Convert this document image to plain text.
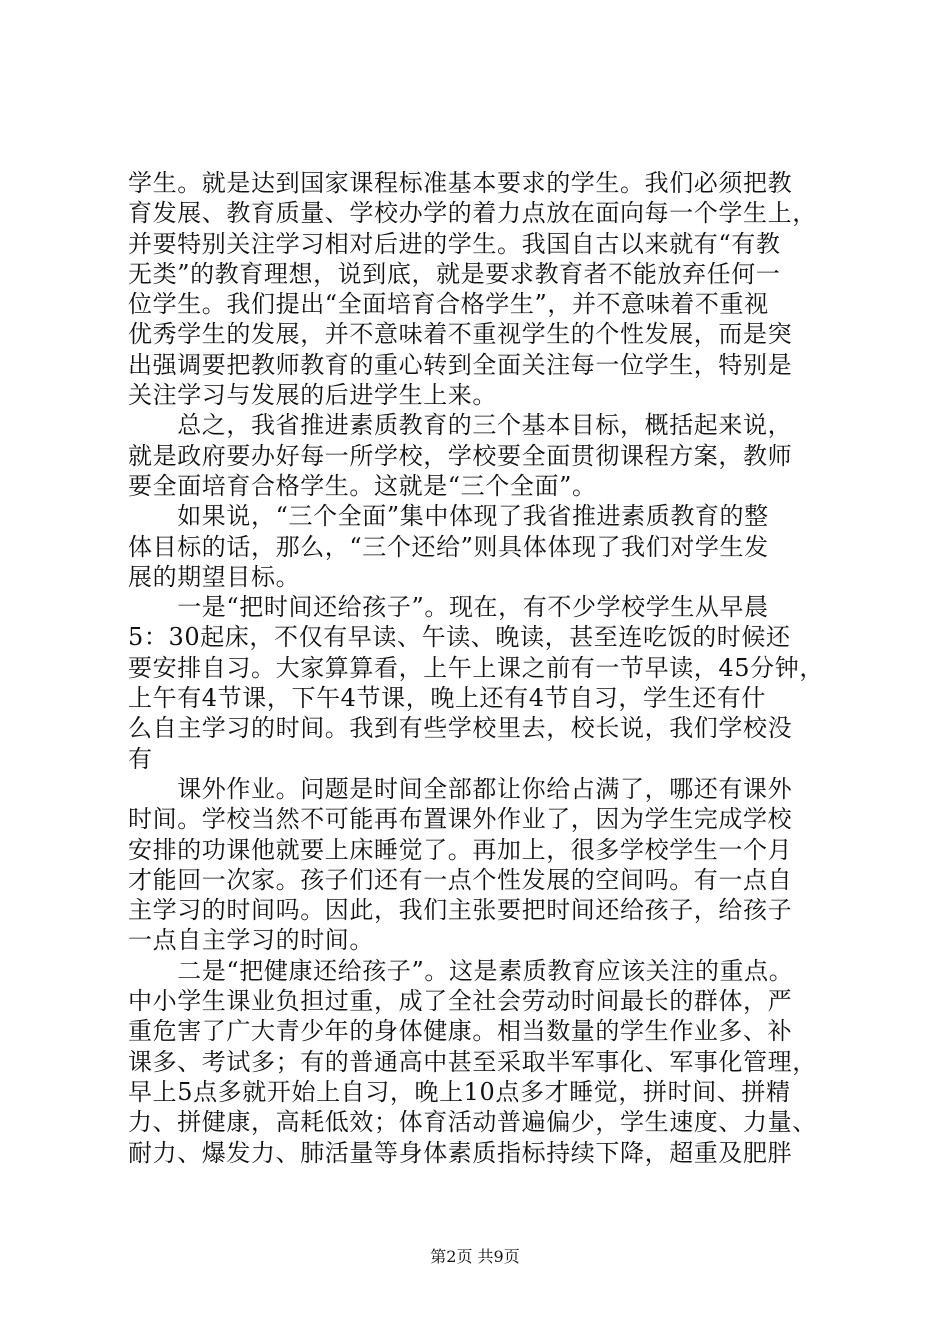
学生。就是达到国家课程标准基本要求的学生。我们必须把教
育发展、教育质量、学校办学的着力点放在面向每一个学生上，
并要特别关注学习相对后进的学生。我国自古以来就有“有教
无类”的教育理想，说到底，就是要求教育者不能放弃任何一
位学生。我们提出“全面培育合格学生”，并不意味着不重视
优秀学生的发展，并不意味着不重视学生的个性发展，而是突
出强调要把教师教育的重心转到全面关注每一位学生，特别是
关注学习与发展的后进学生上来。
　　总之，我省推进素质教育的三个基本目标，概括起来说，
就是政府要办好每一所学校，学校要全面贯彻课程方案，教师
要全面培育合格学生。这就是“三个全面”。
　　如果说，“三个全面”集中体现了我省推进素质教育的整
体目标的话，那么，“三个还给”则具体体现了我们对学生发
展的期望目标。
　　一是“把时间还给孩子”。现在，有不少学校学生从早晨
5：30起床，不仅有早读、午读、晚读，甚至连吃饭的时候还
要安排自习。大家算算看，上午上课之前有一节早读，45分钟，
上午有4节课，下午4节课，晚上还有4节自习，学生还有什
么自主学习的时间。我到有些学校里去，校长说，我们学校没
有
　　课外作业。问题是时间全部都让你给占满了，哪还有课外
时间。学校当然不可能再布置课外作业了，因为学生完成学校
安排的功课他就要上床睡觉了。再加上，很多学校学生一个月
才能回一次家。孩子们还有一点个性发展的空间吗。有一点自
主学习的时间吗。因此，我们主张要把时间还给孩子，给孩子
一点自主学习的时间。
　　二是“把健康还给孩子”。这是素质教育应该关注的重点。
中小学生课业负担过重，成了全社会劳动时间最长的群体，严
重危害了广大青少年的身体健康。相当数量的学生作业多、补
课多、考试多；有的普通高中甚至采取半军事化、军事化管理，
早上5点多就开始上自习，晚上10点多才睡觉，拼时间、拼精
力、拼健康，高耗低效；体育活动普遍偏少，学生速度、力量、
耐力、爆发力、肺活量等身体素质指标持续下降，超重及肥胖
第2页 共9页
